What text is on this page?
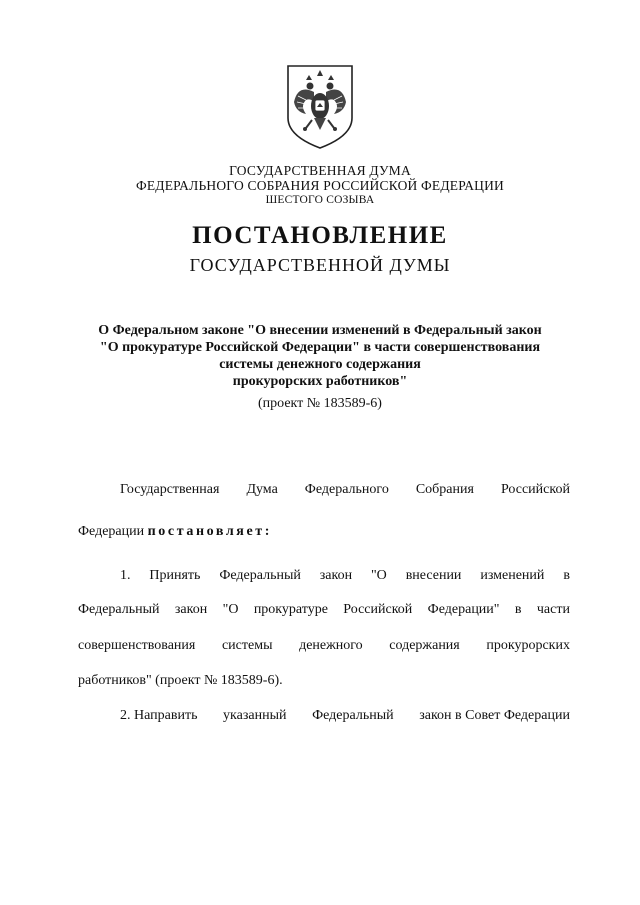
ГОСУДАРСТВЕННАЯ ДУМА
ФЕДЕРАЛЬНОГО СОБРАНИЯ РОССИЙСКОЙ ФЕДЕРАЦИИ
ШЕСТОГО СОЗЫВА
ПОСТАНОВЛЕНИЕ
ГОСУДАРСТВЕННОЙ ДУМЫ
О Федеральном законе "О внесении изменений в Федеральный закон
"О прокуратуре Российской Федерации" в части совершенствования
системы денежного содержания
прокурорских работников"
(проект № 183589-6)
Государственная Дума Федерального Собрания Российской
Федерации постановляет:
1. Принять Федеральный закон "О внесении изменений в
Федеральный закон "О прокуратуре Российской Федерации" в части
совершенствования системы денежного содержания прокурорских
работников" (проект № 183589-6).
2. Направить указанный Федеральный закон в Совет Федерации
